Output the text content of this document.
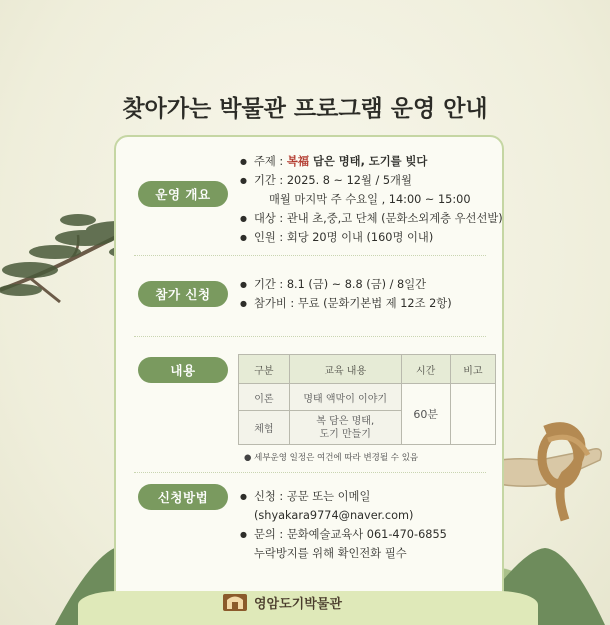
찾아가는 박물관 프로그램 운영 안내
운영 개요
● 주제 : 복福 담은 명태, 도기를 빚다
● 기간 : 2025. 8 ~ 12월 / 5개월
매월 마지막 주 수요일 , 14:00 ~ 15:00
● 대상 : 관내 초,중,고 단체 (문화소외계층 우선선발)
● 인원 : 회당 20명 이내 (160명 이내)
참가 신청
● 기간 : 8.1 (금) ~ 8.8 (금) / 8일간
● 참가비 : 무료 (문화기본법 제 12조 2항)
내용	구분	교육 내용	시간	비고
이론	명태 액막이 이야기	60분	
체험	복 담은 명태,
도기 만들기		
● 세부운영 일정은 여건에 따라 변경될 수 있음
신청방법	● 신청 : 공문 또는 이메일
(shyakara9774@naver.com)
● 문의 : 문화예술교육사 061-470-6855
누락방지를 위해 확인전화 필수
영암도기박물관
